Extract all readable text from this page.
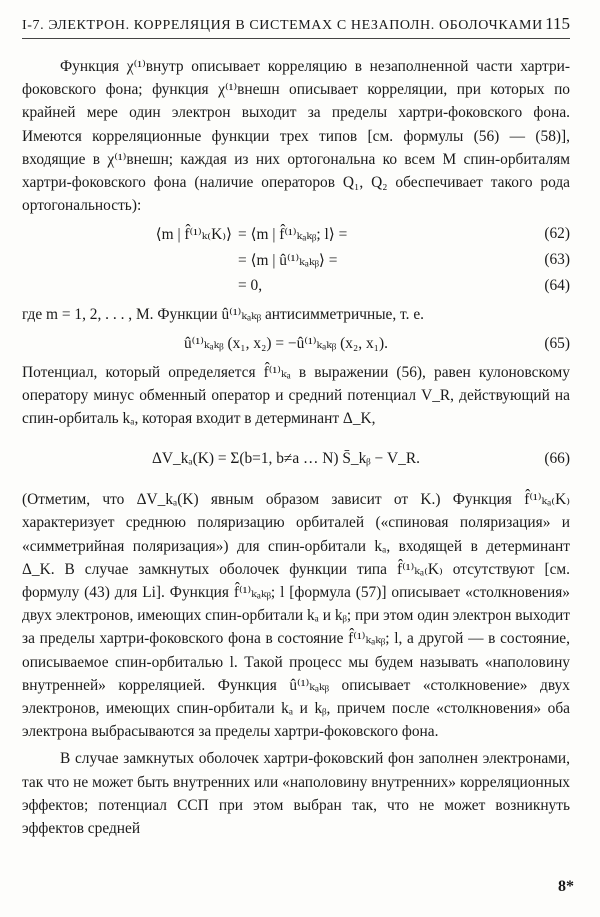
І-7. ЭЛЕКТРОН. КОРРЕЛЯЦИЯ В СИСТЕМАХ С НЕЗАПОЛН. ОБОЛОЧКАМИ 115

Функция χ⁽¹⁾внутр описывает корреляцию в незаполненной части хартри-фоковского фона; функция χ⁽¹⁾внешн описывает корреляции, при которых по крайней мере один электрон выходит за пределы хартри-фоковского фона. Имеются корреляционные функции трех типов [см. формулы (56) — (58)], входящие в χ⁽¹⁾внешн; каждая из них ортогональна ко всем M спин-орбиталям хартри-фоковского фона (наличие операторов Q₁, Q₂ обеспечивает такого рода ортогональность):

⟨m | f̂⁽¹⁾ₖ₍K₎⟩ = ⟨m | f̂⁽¹⁾ₖₐₖᵦ; l⟩ =	(62)
= ⟨m | û⁽¹⁾ₖₐₖᵦ⟩ =	(63)
= 0,	(64)

где m = 1, 2, . . . , M. Функции û⁽¹⁾ₖₐₖᵦ антисимметричные, т. е.

û⁽¹⁾ₖₐₖᵦ (x₁, x₂) = −û⁽¹⁾ₖₐₖᵦ (x₂, x₁).	(65)

Потенциал, который определяется f̂⁽¹⁾ₖₐ в выражении (56), равен кулоновскому оператору минус обменный оператор и средний потенциал V_R, действующий на спин-орбиталь kₐ, которая входит в детерминант Δ_K,

ΔV_kₐ(K) = Σ(b=1, b≠a … N) S̄_kᵦ − V_R.	(66)

(Отметим, что ΔV_kₐ(K) явным образом зависит от K.) Функция f̂⁽¹⁾ₖₐ₍K₎ характеризует среднюю поляризацию орбиталей («спиновая поляризация» и «симметрийная поляризация») для спин-орбитали kₐ, входящей в детерминант Δ_K. В случае замкнутых оболочек функции типа f̂⁽¹⁾ₖₐ₍K₎ отсутствуют [см. формулу (43) для Li]. Функция f̂⁽¹⁾ₖₐₖᵦ; l [формула (57)] описывает «столкновения» двух электронов, имеющих спин-орбитали kₐ и kᵦ; при этом один электрон выходит за пределы хартри-фоковского фона в состояние f̂⁽¹⁾ₖₐₖᵦ; l, а другой — в состояние, описываемое спин-орбиталью l. Такой процесс мы будем называть «наполовину внутренней» корреляцией. Функция û⁽¹⁾ₖₐₖᵦ описывает «столкновение» двух электронов, имеющих спин-орбитали kₐ и kᵦ, причем после «столкновения» оба электрона выбрасываются за пределы хартри-фоковского фона.

В случае замкнутых оболочек хартри-фоковский фон заполнен электронами, так что не может быть внутренних или «наполовину внутренних» корреляционных эффектов; потенциал ССП при этом выбран так, что не может возникнуть эффектов средней

8*
